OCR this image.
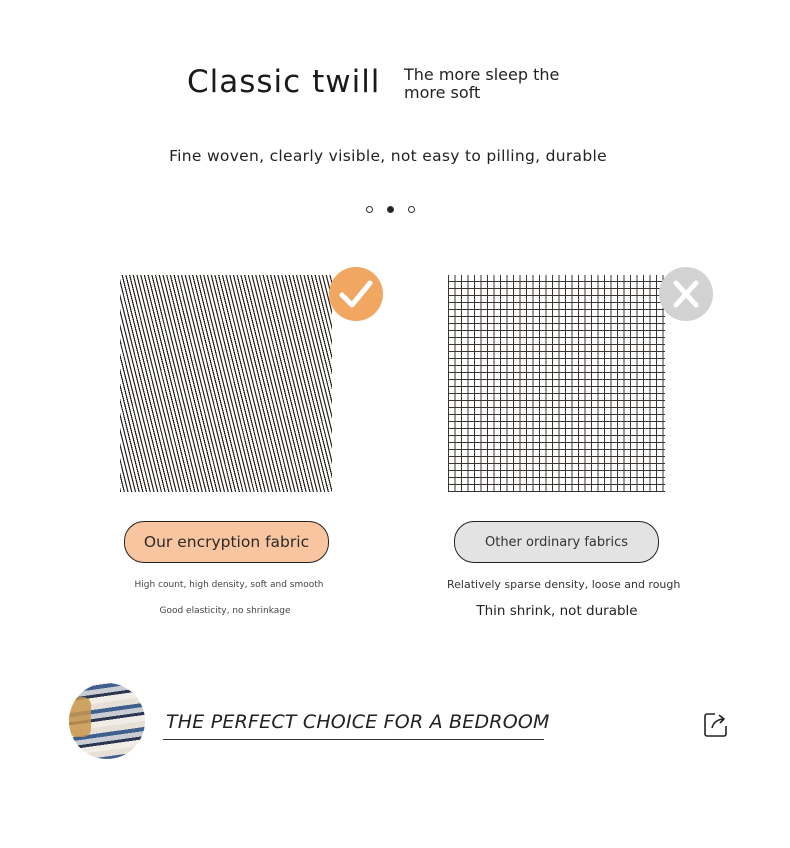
Classic twill The more sleep the more soft
Fine woven, clearly visible, not easy to pilling, durable
Our encryption fabric	Other ordinary fabrics
High count, high density, soft and smooth
Good elasticity, no shrinkage
Relatively sparse density, loose and rough
Thin shrink, not durable
THE PERFECT CHOICE FOR A BEDROOM
